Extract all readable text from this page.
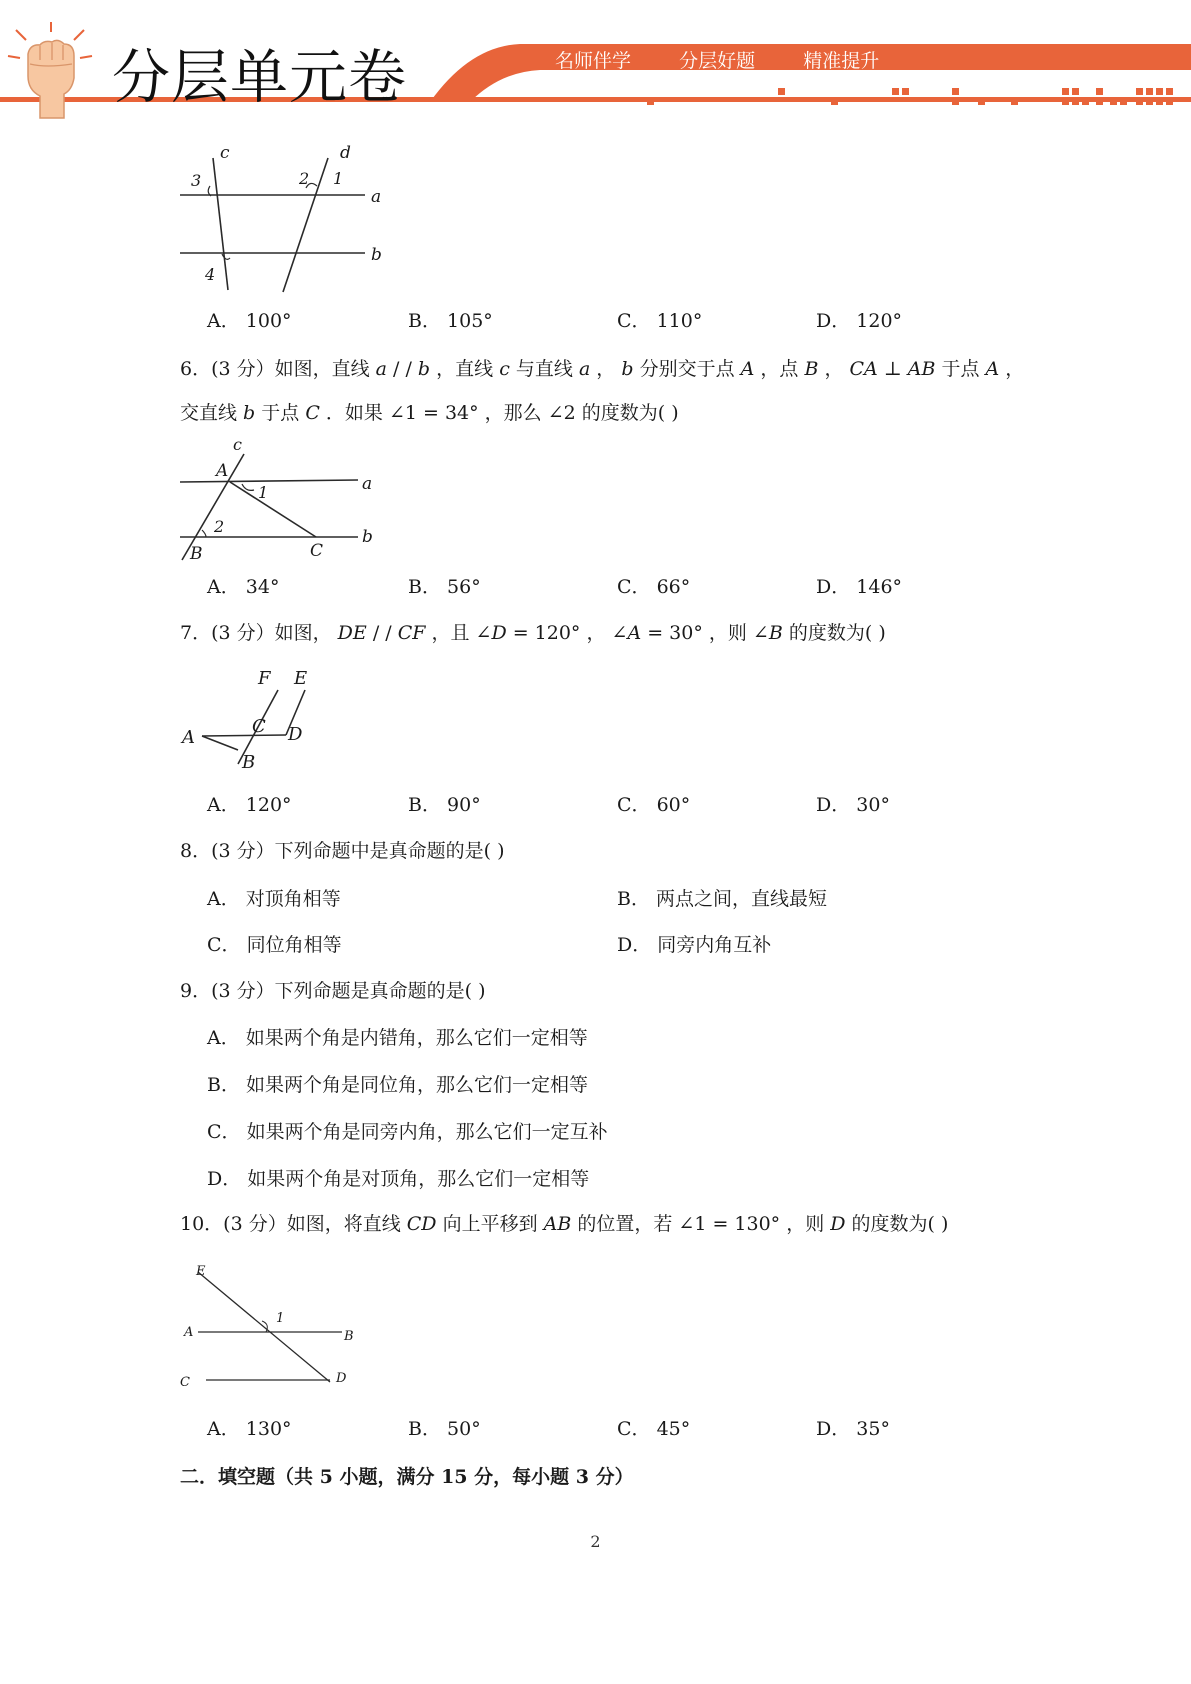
分层单元卷	名师伴学   分层好题   精准提升
c	d
3	2 1
a
b
4
A． 100°	B． 105°	C． 110°	D． 120°
6．(3 分）如图，直线 a / / b ，直线 c 与直线 a ， b 分别交于点 A ，点 B ， CA ⊥ AB 于点 A ，
交直线 b 于点 C ．如果 ∠1 = 34° ，那么 ∠2 的度数为( )
c
A
1	a
2
b
B	C
A． 34°	B． 56°	C． 66°	D． 146°
7．(3 分）如图， DE / / CF ，且 ∠D = 120° ， ∠A = 30° ，则 ∠B 的度数为( )
F E
A
C D
B
A． 120°	B． 90°	C． 60°	D． 30°
8．(3 分）下列命题中是真命题的是( )
A． 对顶角相等	B． 两点之间，直线最短
C． 同位角相等	D． 同旁内角互补
9．(3 分）下列命题是真命题的是( )
A． 如果两个角是内错角，那么它们一定相等
B． 如果两个角是同位角，那么它们一定相等
C． 如果两个角是同旁内角，那么它们一定互补
D． 如果两个角是对顶角，那么它们一定相等
10．(3 分）如图，将直线 CD 向上平移到 AB 的位置，若 ∠1 = 130° ，则 D 的度数为( )
E
1
A	B
C	D
A． 130°	B． 50°	C． 45°	D． 35°
二．填空题（共 5 小题，满分 15 分，每小题 3 分）
2
